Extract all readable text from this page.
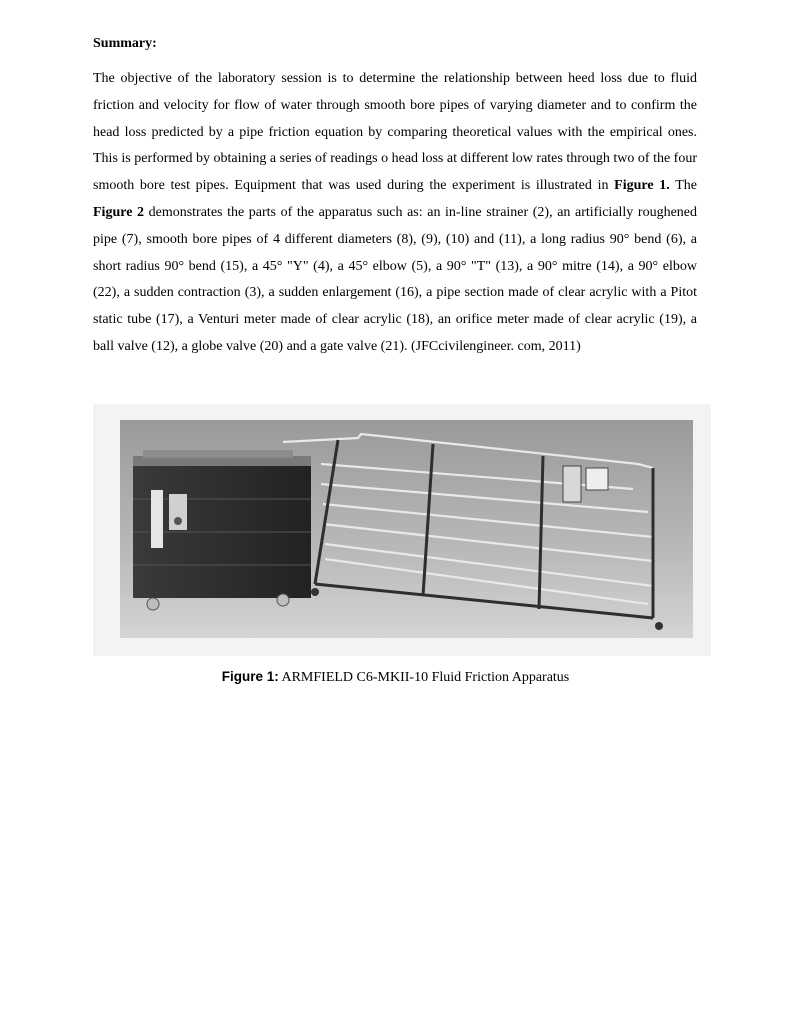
Summary:

The objective of the laboratory session is to determine the relationship between heed loss due to fluid friction and velocity for flow of water through smooth bore pipes of varying diameter and to confirm the head loss predicted by a pipe friction equation by comparing theoretical values with the empirical ones. This is performed by obtaining a series of readings o head loss at different low rates through two of the four smooth bore test pipes. Equipment that was used during the experiment is illustrated in Figure 1. The Figure 2 demonstrates the parts of the apparatus such as: an in-line strainer (2), an artificially roughened pipe (7), smooth bore pipes of 4 different diameters (8), (9), (10) and (11), a long radius 90° bend (6), a short radius 90° bend (15), a 45° "Y" (4), a 45° elbow (5), a 90° "T" (13), a 90° mitre (14), a 90° elbow (22), a sudden contraction (3), a sudden enlargement (16), a pipe section made of clear acrylic with a Pitot static tube (17), a Venturi meter made of clear acrylic (18), an orifice meter made of clear acrylic (19), a ball valve (12), a globe valve (20) and a gate valve (21). (JFCcivilengineer. com, 2011)

Figure 1: ARMFIELD C6-MKII-10 Fluid Friction Apparatus
